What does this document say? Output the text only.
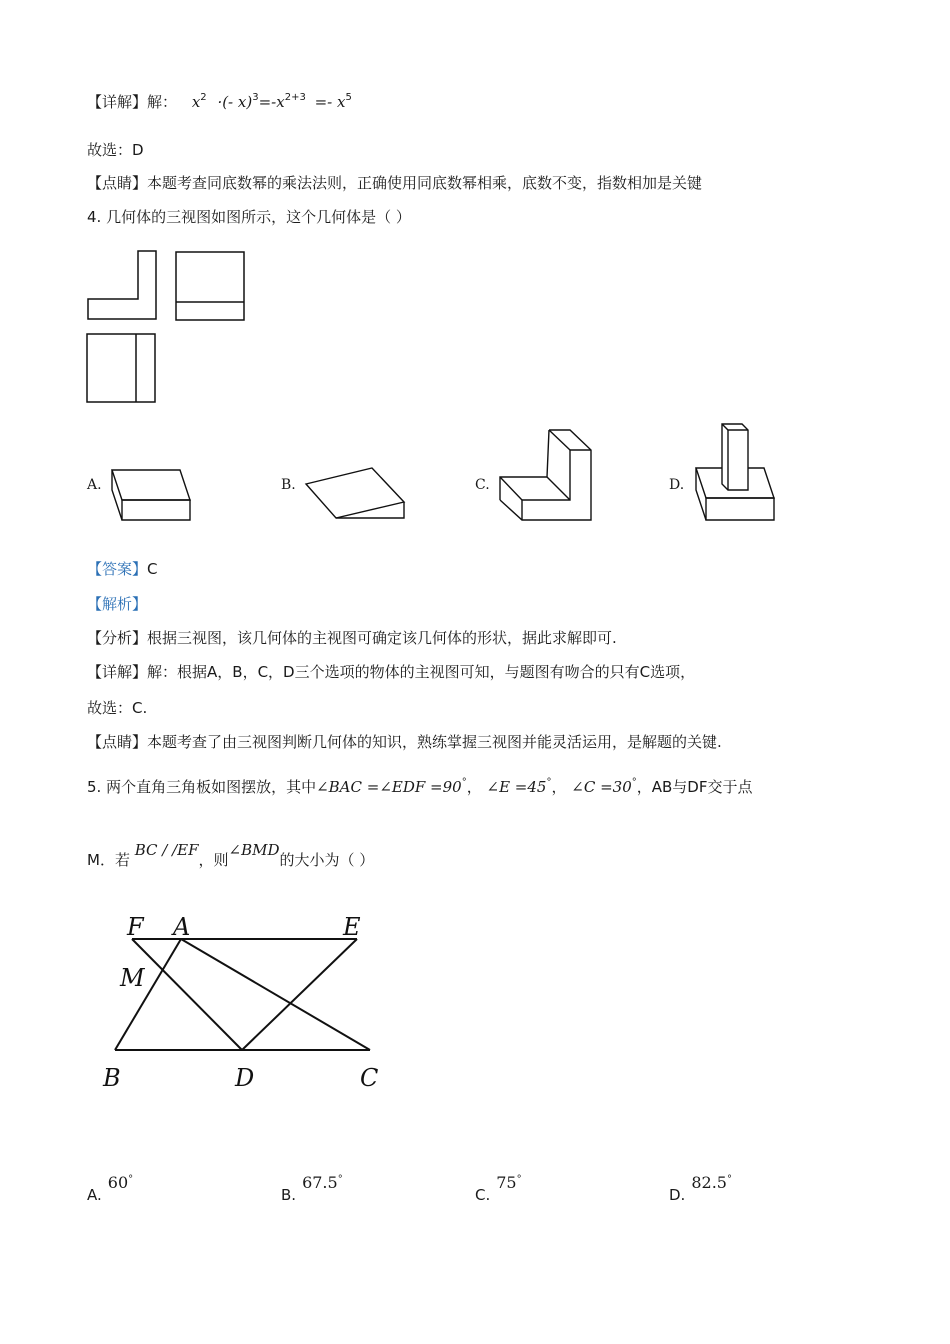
【详解】解： $x^2$ ·(- $x)^3=-x^{2+3} =- x^5$
故选：D
【点睛】本题考查同底数幂的乘法法则，正确使用同底数幂相乘，底数不变，指数相加是关键
4. 几何体的三视图如图所示，这个几何体是（ ）
A.	B.	C.	D.
【答案】C
【解析】
【分析】根据三视图，该几何体的主视图可确定该几何体的形状，据此求解即可.
【详解】解：根据A，B，C，D三个选项的物体的主视图可知，与题图有吻合的只有C选项，
故选：C.
【点睛】本题考查了由三视图判断几何体的知识，熟练掌握三视图并能灵活运用，是解题的关键.
5. 两个直角三角板如图摆放，其中∠BAC =∠EDF =90°， ∠E =45°， ∠C =30°，AB与DF交于点
M．若 BC / /EF，则∠BMD的大小为（ ）
F A	E
M
B	D	C
A.60°
B.67.5°
C.75°
D.82.5°
